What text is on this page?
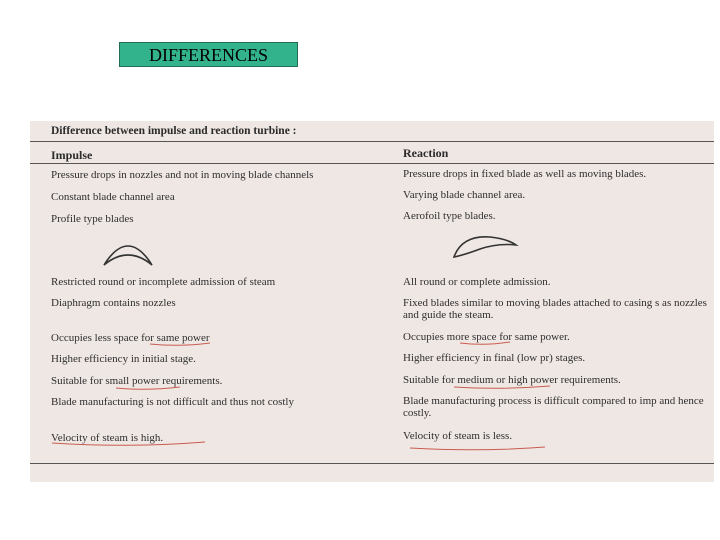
DIFFERENCES
Difference between impulse and reaction turbine :
Impulse	Reaction
Pressure drops in nozzles and not in moving blade channels	Pressure drops in fixed blade as well as moving blades.
Constant blade channel area	Varying blade channel area.
Profile type blades	Aerofoil type blades.
Restricted round or incomplete admission of steam	All round or complete admission.
Diaphragm contains nozzles	Fixed blades similar to moving blades attached to casing s as nozzles and guide the steam.
Occupies less space for same power	Occupies more space for same power.
Higher efficiency in initial stage.	Higher efficiency in final (low pr) stages.
Suitable for small power requirements.	Suitable for medium or high power requirements.
Blade manufacturing is not difficult and thus not costly	Blade manufacturing process is difficult compared to imp and hence costly.
Velocity of steam is high.	Velocity of steam is less.
